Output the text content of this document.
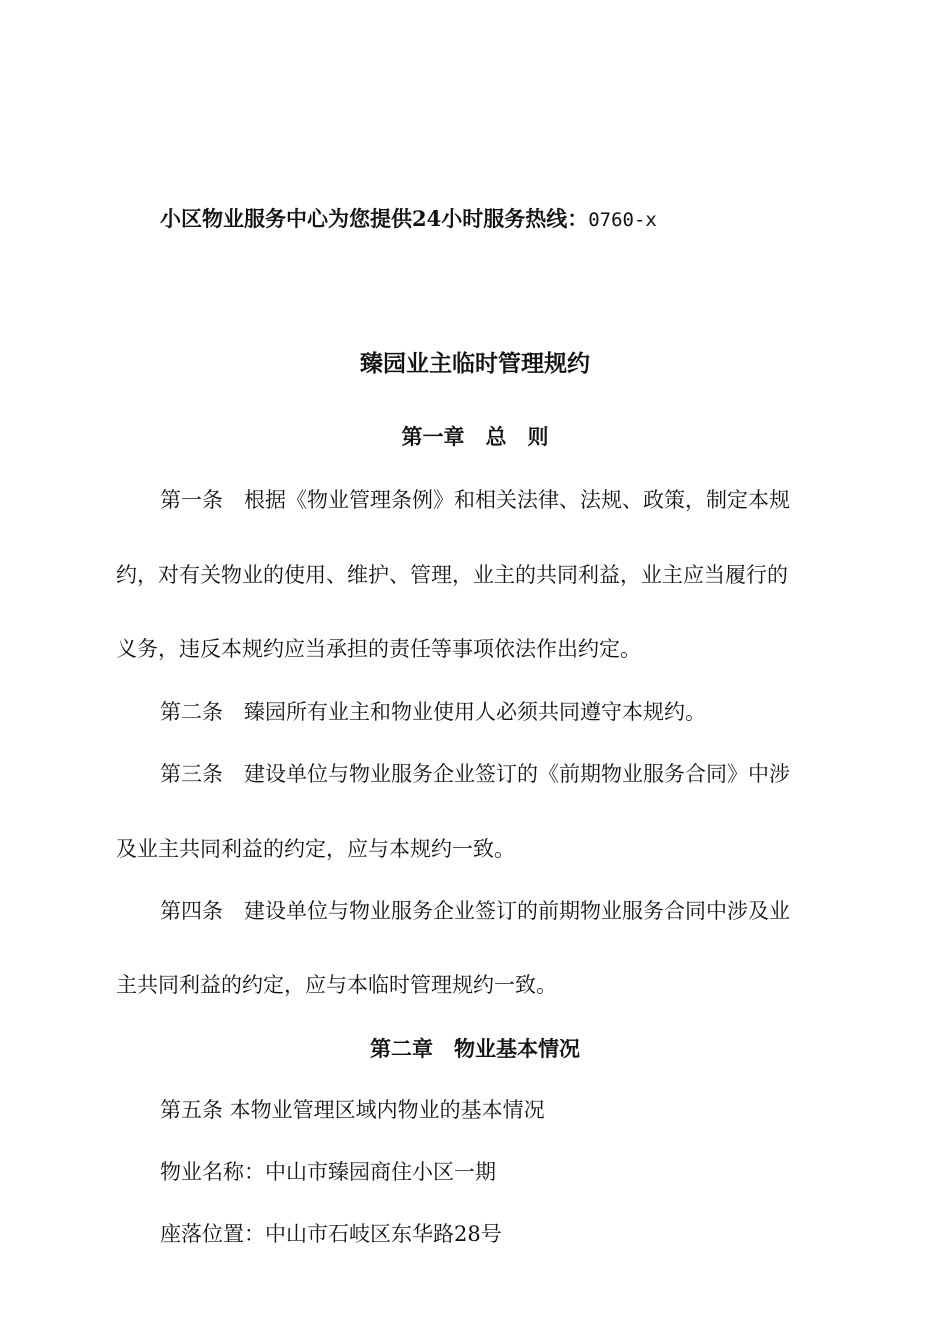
小区物业服务中心为您提供24小时服务热线：0760-x
臻园业主临时管理规约
第一章　总　则
第一条　根据《物业管理条例》和相关法律、法规、政策，制定本规
约，对有关物业的使用、维护、管理，业主的共同利益，业主应当履行的
义务，违反本规约应当承担的责任等事项依法作出约定。
第二条　臻园所有业主和物业使用人必须共同遵守本规约。
第三条　建设单位与物业服务企业签订的《前期物业服务合同》中涉
及业主共同利益的约定，应与本规约一致。
第四条　建设单位与物业服务企业签订的前期物业服务合同中涉及业
主共同利益的约定，应与本临时管理规约一致。
第二章　物业基本情况
第五条 本物业管理区域内物业的基本情况
物业名称：中山市臻园商住小区一期
座落位置：中山市石岐区东华路28号
